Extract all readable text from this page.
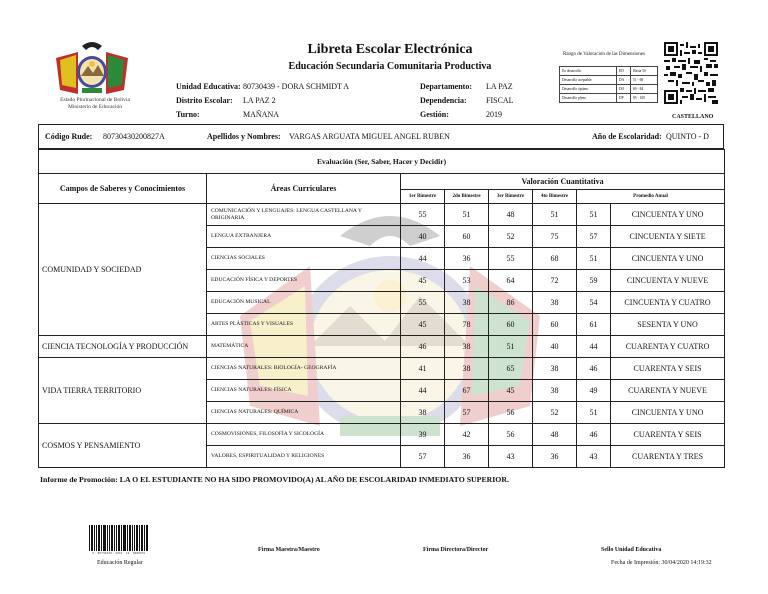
Estado Plurinacional de Bolivia
Ministerio de Educación
Libreta Escolar Electrónica
Educación Secundaria Comunitaria Productiva
Unidad Educativa: 80730439 - DORA SCHMIDT A
Distrito Escolar: LA PAZ 2
Turno:	MAÑANA
Departamento: LA PAZ
Dependencia: FISCAL
Gestión:	2019
Rango de Valoración de las Dimensiones
En desarrollo	ED	Hasta 50
Desarrollo aceptable	DA	51 - 68
Desarrollo óptimo	DO	69 - 84
Desarrollo pleno	DP	85 - 100
CASTELLANO
Código Rude: 80730430200827A	Apellidos y Nombres: VARGAS ARGUATA MIGUEL ANGEL RUBEN	Año de Escolaridad: QUINTO - D
Evaluación (Ser, Saber, Hacer y Decidir)							
Campos de Saberes y Conocimientos	Áreas Curriculares	Valoración Cuantitativa					
		1er Bimestre	2do Bimestre	3er Bimestre	4to Bimestre	Promedio Anual	
COMUNIDAD Y SOCIEDAD	COMUNICACIÓN Y LENGUAJES: LENGUA CASTELLANA Y ORIGINARIA	55	51	48	51	51	CINCUENTA Y UNO
	LENGUA EXTRANJERA	40	60	52	75	57	CINCUENTA Y SIETE
	CIENCIAS SOCIALES	44	36	55	68	51	CINCUENTA Y UNO
	EDUCACIÓN FÍSICA Y DEPORTES	45	53	64	72	59	CINCUENTA Y NUEVE
	EDUCACIÓN MUSICAL	55	38	86	38	54	CINCUENTA Y CUATRO
	ARTES PLÁSTICAS Y VISUALES	45	78	60	60	61	SESENTA Y UNO
CIENCIA TECNOLOGÍA Y PRODUCCIÓN	MATEMÁTICA	46	38	51	40	44	CUARENTA Y CUATRO
VIDA TIERRA TERRITORIO	CIENCIAS NATURALES: BIOLOGÍA- GEOGRAFÍA	41	38	65	38	46	CUARENTA Y SEIS
	CIENCIAS NATURALES: FÍSICA	44	67	45	38	49	CUARENTA Y NUEVE
	CIENCIAS NATURALES: QUÍMICA	38	57	56	52	51	CINCUENTA Y UNO
COSMOS Y PENSAMIENTO	COSMOVISIONES, FILOSOFÍA Y SICOLOGÍA	39	42	56	48	46	CUARENTA Y SEIS
	VALORES, ESPIRITUALIDAD Y RELIGIONES	57	36	43	36	43	CUARENTA Y TRES
Informe de Promoción: LA O EL ESTUDIANTE NO HA SIDO PROMOVIDO(A) AL AÑO DE ESCOLARIDAD INMEDIATO SUPERIOR.
0 · 80730439 · 2019 · 10 · 0000001	Firma Maestra/Maestro	Firma Directora/Director	Sello Unidad Educativa
Educación Regular	Fecha de Impresión: 30/04/2020 14:19:32
